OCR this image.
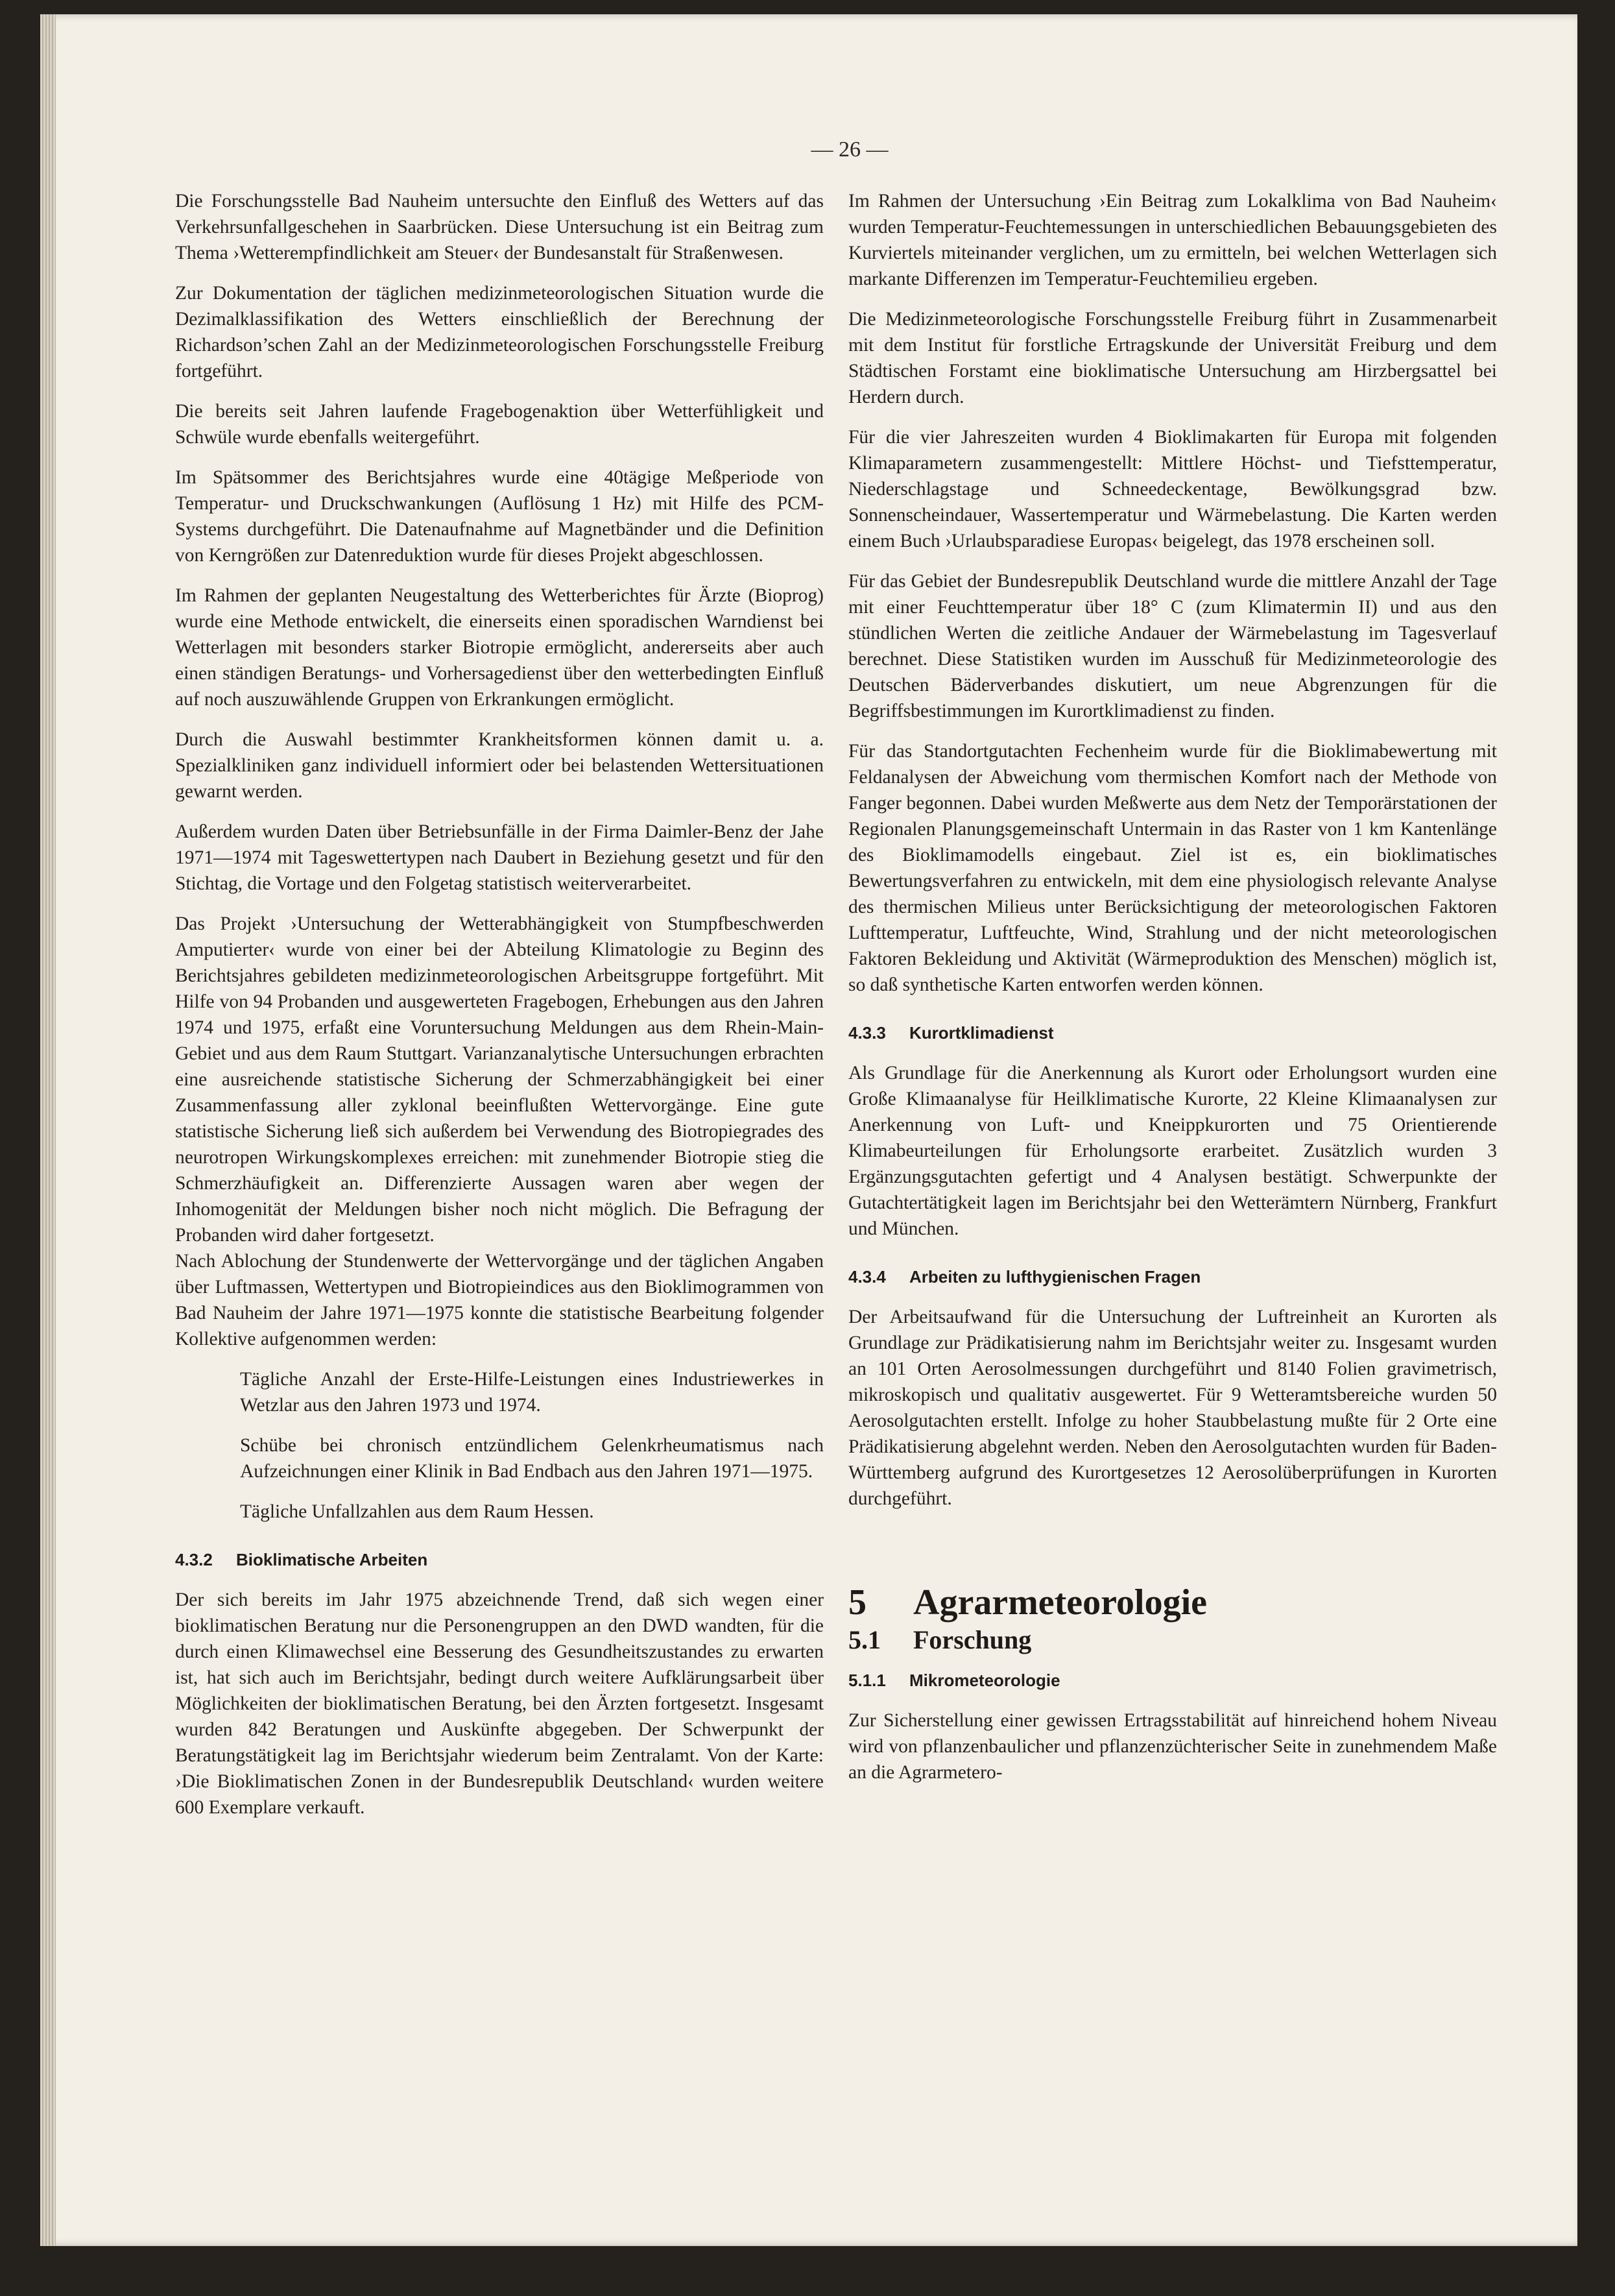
— 26 —

Die Forschungsstelle Bad Nauheim untersuchte den Einfluß des Wetters auf das Verkehrsunfallgeschehen in Saarbrücken. Diese Untersuchung ist ein Beitrag zum Thema ›Wetterempfindlichkeit am Steuer‹ der Bundesanstalt für Straßenwesen.

Zur Dokumentation der täglichen medizinmeteorologischen Situation wurde die Dezimalklassifikation des Wetters einschließlich der Berechnung der Richardson’schen Zahl an der Medizinmeteorologischen Forschungsstelle Freiburg fortgeführt.

Die bereits seit Jahren laufende Fragebogenaktion über Wetterfühligkeit und Schwüle wurde ebenfalls weitergeführt.

Im Spätsommer des Berichtsjahres wurde eine 40tägige Meßperiode von Temperatur- und Druckschwankungen (Auflösung 1 Hz) mit Hilfe des PCM-Systems durchgeführt. Die Datenaufnahme auf Magnetbänder und die Definition von Kerngrößen zur Datenreduktion wurde für dieses Projekt abgeschlossen.

Im Rahmen der geplanten Neugestaltung des Wetterberichtes für Ärzte (Bioprog) wurde eine Methode entwickelt, die einerseits einen sporadischen Warndienst bei Wetterlagen mit besonders starker Biotropie ermöglicht, andererseits aber auch einen ständigen Beratungs- und Vorhersagedienst über den wetterbedingten Einfluß auf noch auszuwählende Gruppen von Erkrankungen ermöglicht.

Durch die Auswahl bestimmter Krankheitsformen können damit u. a. Spezialkliniken ganz individuell informiert oder bei belastenden Wettersituationen gewarnt werden.

Außerdem wurden Daten über Betriebsunfälle in der Firma Daimler-Benz der Jahe 1971—1974 mit Tageswettertypen nach Daubert in Beziehung gesetzt und für den Stichtag, die Vortage und den Folgetag statistisch weiterverarbeitet.

Das Projekt ›Untersuchung der Wetterabhängigkeit von Stumpfbeschwerden Amputierter‹ wurde von einer bei der Abteilung Klimatologie zu Beginn des Berichtsjahres gebildeten medizinmeteorologischen Arbeitsgruppe fortgeführt. Mit Hilfe von 94 Probanden und ausgewerteten Fragebogen, Erhebungen aus den Jahren 1974 und 1975, erfaßt eine Voruntersuchung Meldungen aus dem Rhein-Main-Gebiet und aus dem Raum Stuttgart. Varianzanalytische Untersuchungen erbrachten eine ausreichende statistische Sicherung der Schmerzabhängigkeit bei einer Zusammenfassung aller zyklonal beeinflußten Wettervorgänge. Eine gute statistische Sicherung ließ sich außerdem bei Verwendung des Biotropiegrades des neurotropen Wirkungskomplexes erreichen: mit zunehmender Biotropie stieg die Schmerzhäufigkeit an. Differenzierte Aussagen waren aber wegen der Inhomogenität der Meldungen bisher noch nicht möglich. Die Befragung der Probanden wird daher fortgesetzt.

Nach Ablochung der Stundenwerte der Wettervorgänge und der täglichen Angaben über Luftmassen, Wettertypen und Biotropieindices aus den Bioklimogrammen von Bad Nauheim der Jahre 1971—1975 konnte die statistische Bearbeitung folgender Kollektive aufgenommen werden:

Tägliche Anzahl der Erste-Hilfe-Leistungen eines Industriewerkes in Wetzlar aus den Jahren 1973 und 1974.

Schübe bei chronisch entzündlichem Gelenkrheumatismus nach Aufzeichnungen einer Klinik in Bad Endbach aus den Jahren 1971—1975.

Tägliche Unfallzahlen aus dem Raum Hessen.

4.3.2 Bioklimatische Arbeiten

Der sich bereits im Jahr 1975 abzeichnende Trend, daß sich wegen einer bioklimatischen Beratung nur die Personengruppen an den DWD wandten, für die durch einen Klimawechsel eine Besserung des Gesundheitszustandes zu erwarten ist, hat sich auch im Berichtsjahr, bedingt durch weitere Aufklärungsarbeit über Möglichkeiten der bioklimatischen Beratung, bei den Ärzten fortgesetzt. Insgesamt wurden 842 Beratungen und Auskünfte abgegeben. Der Schwerpunkt der Beratungstätigkeit lag im Berichtsjahr wiederum beim Zentralamt. Von der Karte: ›Die Bioklimatischen Zonen in der Bundesrepublik Deutschland‹ wurden weitere 600 Exemplare verkauft.

Im Rahmen der Untersuchung ›Ein Beitrag zum Lokalklima von Bad Nauheim‹ wurden Temperatur-Feuchtemessungen in unterschiedlichen Bebauungsgebieten des Kurviertels miteinander verglichen, um zu ermitteln, bei welchen Wetterlagen sich markante Differenzen im Temperatur-Feuchtemilieu ergeben.

Die Medizinmeteorologische Forschungsstelle Freiburg führt in Zusammenarbeit mit dem Institut für forstliche Ertragskunde der Universität Freiburg und dem Städtischen Forstamt eine bioklimatische Untersuchung am Hirzbergsattel bei Herdern durch.

Für die vier Jahreszeiten wurden 4 Bioklimakarten für Europa mit folgenden Klimaparametern zusammengestellt: Mittlere Höchst- und Tiefsttemperatur, Niederschlagstage und Schneedeckentage, Bewölkungsgrad bzw. Sonnenscheindauer, Wassertemperatur und Wärmebelastung. Die Karten werden einem Buch ›Urlaubsparadiese Europas‹ beigelegt, das 1978 erscheinen soll.

Für das Gebiet der Bundesrepublik Deutschland wurde die mittlere Anzahl der Tage mit einer Feuchttemperatur über 18° C (zum Klimatermin II) und aus den stündlichen Werten die zeitliche Andauer der Wärmebelastung im Tagesverlauf berechnet. Diese Statistiken wurden im Ausschuß für Medizinmeteorologie des Deutschen Bäderverbandes diskutiert, um neue Abgrenzungen für die Begriffsbestimmungen im Kurortklimadienst zu finden.

Für das Standortgutachten Fechenheim wurde für die Bioklimabewertung mit Feldanalysen der Abweichung vom thermischen Komfort nach der Methode von Fanger begonnen. Dabei wurden Meßwerte aus dem Netz der Temporärstationen der Regionalen Planungsgemeinschaft Untermain in das Raster von 1 km Kantenlänge des Bioklimamodells eingebaut. Ziel ist es, ein bioklimatisches Bewertungsverfahren zu entwickeln, mit dem eine physiologisch relevante Analyse des thermischen Milieus unter Berücksichtigung der meteorologischen Faktoren Lufttemperatur, Luftfeuchte, Wind, Strahlung und der nicht meteorologischen Faktoren Bekleidung und Aktivität (Wärmeproduktion des Menschen) möglich ist, so daß synthetische Karten entworfen werden können.

4.3.3 Kurortklimadienst

Als Grundlage für die Anerkennung als Kurort oder Erholungsort wurden eine Große Klimaanalyse für Heilklimatische Kurorte, 22 Kleine Klimaanalysen zur Anerkennung von Luft- und Kneippkurorten und 75 Orientierende Klimabeurteilungen für Erholungsorte erarbeitet. Zusätzlich wurden 3 Ergänzungsgutachten gefertigt und 4 Analysen bestätigt. Schwerpunkte der Gutachtertätigkeit lagen im Berichtsjahr bei den Wetterämtern Nürnberg, Frankfurt und München.

4.3.4 Arbeiten zu lufthygienischen Fragen

Der Arbeitsaufwand für die Untersuchung der Luftreinheit an Kurorten als Grundlage zur Prädikatisierung nahm im Berichtsjahr weiter zu. Insgesamt wurden an 101 Orten Aerosolmessungen durchgeführt und 8140 Folien gravimetrisch, mikroskopisch und qualitativ ausgewertet. Für 9 Wetteramtsbereiche wurden 50 Aerosolgutachten erstellt. Infolge zu hoher Staubbelastung mußte für 2 Orte eine Prädikatisierung abgelehnt werden. Neben den Aerosolgutachten wurden für Baden-Württemberg aufgrund des Kurortgesetzes 12 Aerosolüberprüfungen in Kurorten durchgeführt.

5 Agrarmeteorologie
5.1 Forschung
5.1.1 Mikrometeorologie

Zur Sicherstellung einer gewissen Ertragsstabilität auf hinreichend hohem Niveau wird von pflanzenbaulicher und pflanzenzüchterischer Seite in zunehmendem Maße an die Agrarmetero-
